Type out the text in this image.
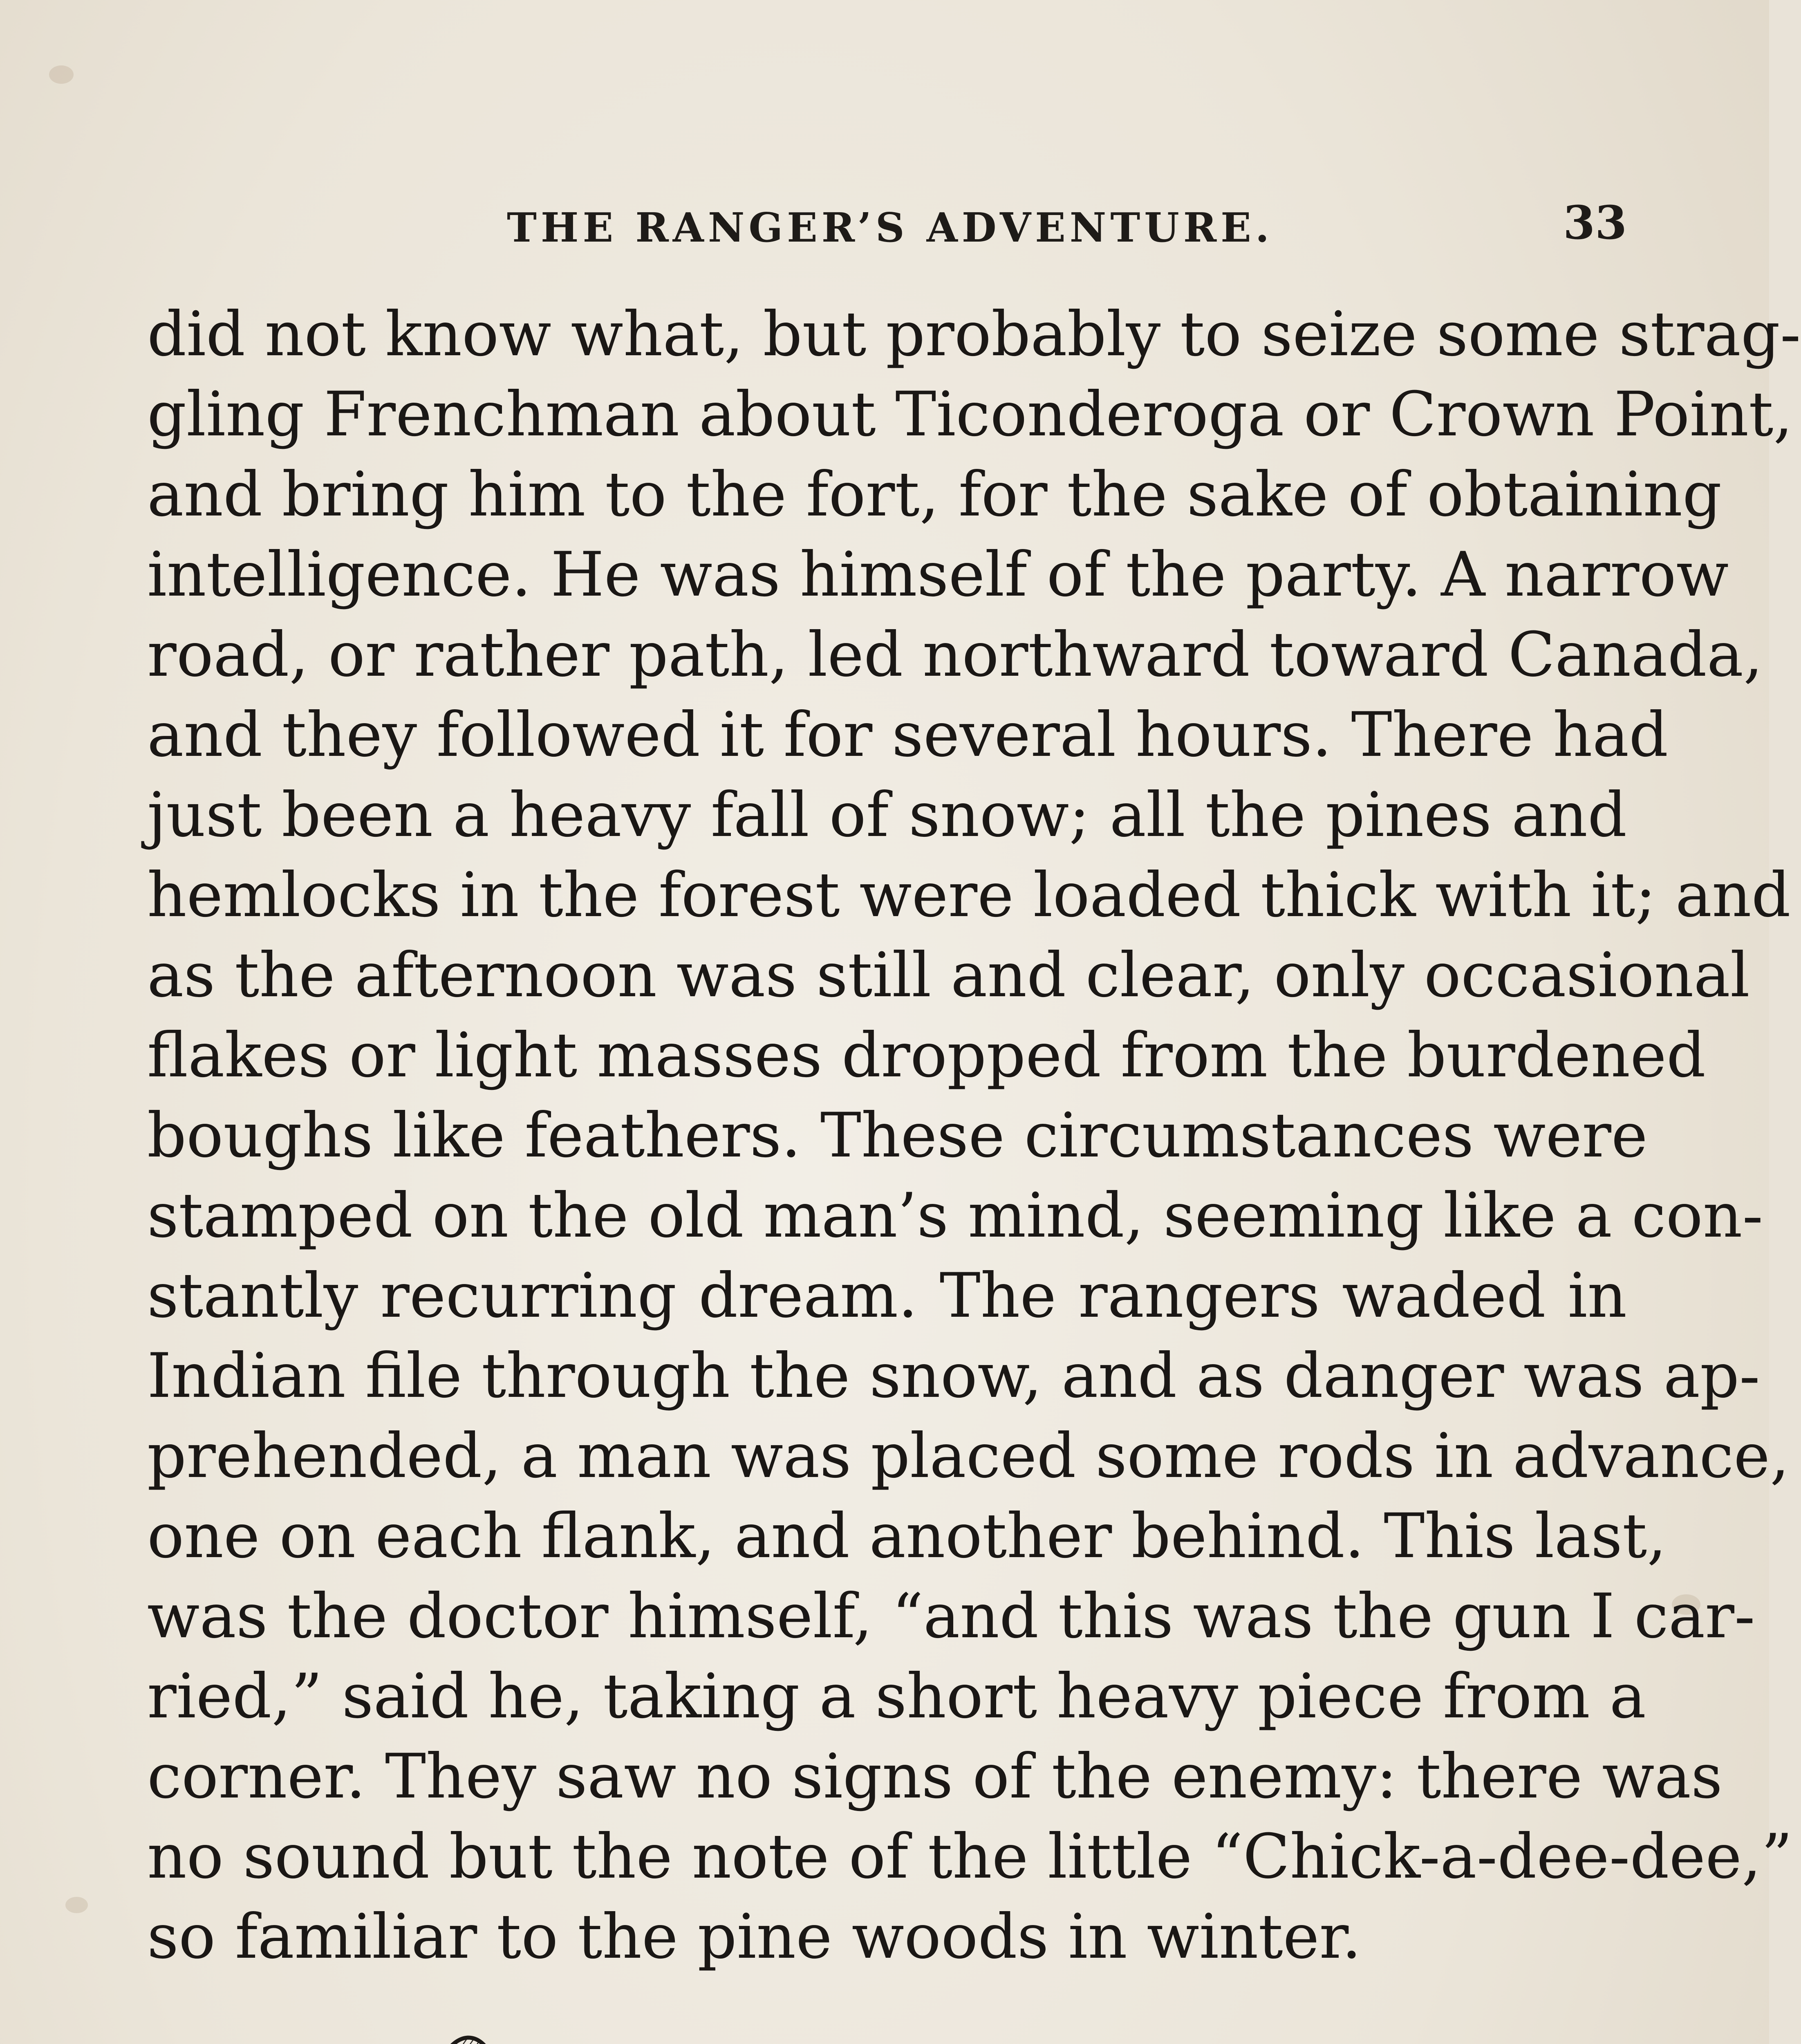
THE RANGER’S ADVENTURE.	33
did not know what, but probably to seize some strag-
gling Frenchman about Ticonderoga or Crown Point,
and bring him to the fort, for the sake of obtaining
intelligence. He was himself of the party. A narrow
road, or rather path, led northward toward Canada,
and they followed it for several hours. There had
just been a heavy fall of snow; all the pines and
hemlocks in the forest were loaded thick with it; and
as the afternoon was still and clear, only occasional
flakes or light masses dropped from the burdened
boughs like feathers. These circumstances were
stamped on the old man’s mind, seeming like a con-
stantly recurring dream. The rangers waded in
Indian file through the snow, and as danger was ap-
prehended, a man was placed some rods in advance,
one on each flank, and another behind. This last,
was the doctor himself, “and this was the gun I car-
ried,” said he, taking a short heavy piece from a
corner. They saw no signs of the enemy: there was
no sound but the note of the little “Chick-a-dee-dee,”
so familiar to the pine woods in winter.
